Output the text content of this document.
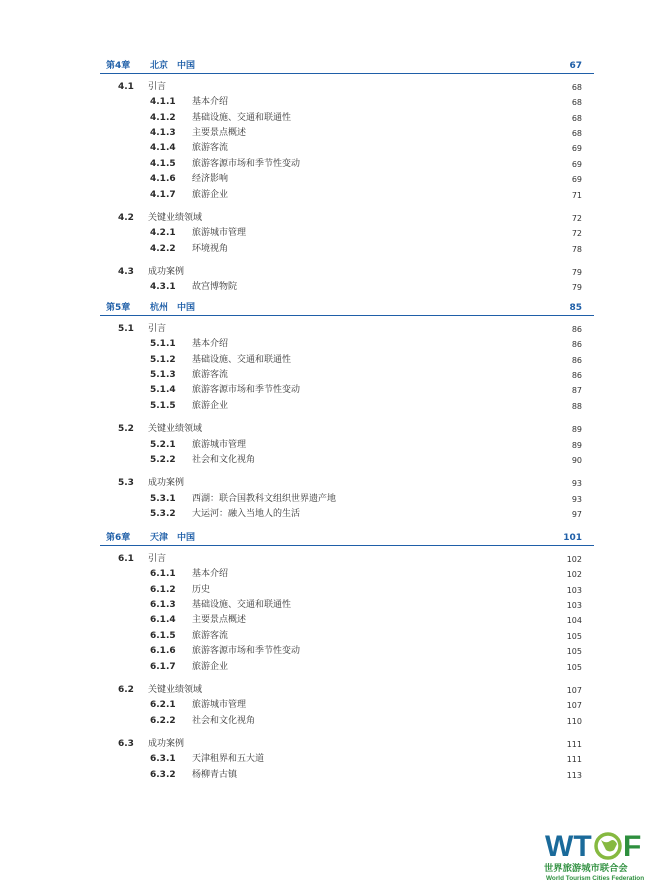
第4章 北京　中国	67
4.1 引言	68
4.1.1 基本介绍	68
4.1.2 基础设施、交通和联通性	68
4.1.3 主要景点概述	68
4.1.4 旅游客流	69
4.1.5 旅游客源市场和季节性变动	69
4.1.6 经济影响	69
4.1.7 旅游企业	71
4.2 关键业绩领域	72
4.2.1 旅游城市管理	72
4.2.2 环境视角	78
4.3 成功案例	79
4.3.1 故宫博物院	79
第5章 杭州　中国	85
5.1 引言	86
5.1.1 基本介绍	86
5.1.2 基础设施、交通和联通性	86
5.1.3 旅游客流	86
5.1.4 旅游客源市场和季节性变动	87
5.1.5 旅游企业	88
5.2 关键业绩领域	89
5.2.1 旅游城市管理	89
5.2.2 社会和文化视角	90
5.3 成功案例	93
5.3.1 西湖：联合国教科文组织世界遗产地	93
5.3.2 大运河：融入当地人的生活	97
第6章 天津　中国	101
6.1 引言	102
6.1.1 基本介绍	102
6.1.2 历史	103
6.1.3 基础设施、交通和联通性	103
6.1.4 主要景点概述	104
6.1.5 旅游客流	105
6.1.6 旅游客源市场和季节性变动	105
6.1.7 旅游企业	105
6.2 关键业绩领域	107
6.2.1 旅游城市管理	107
6.2.2 社会和文化视角	110
6.3 成功案例	111
6.3.1 天津租界和五大道	111
6.3.2 杨柳青古镇	113
WT F
世界旅游城市联合会
World Tourism Cities Federation
